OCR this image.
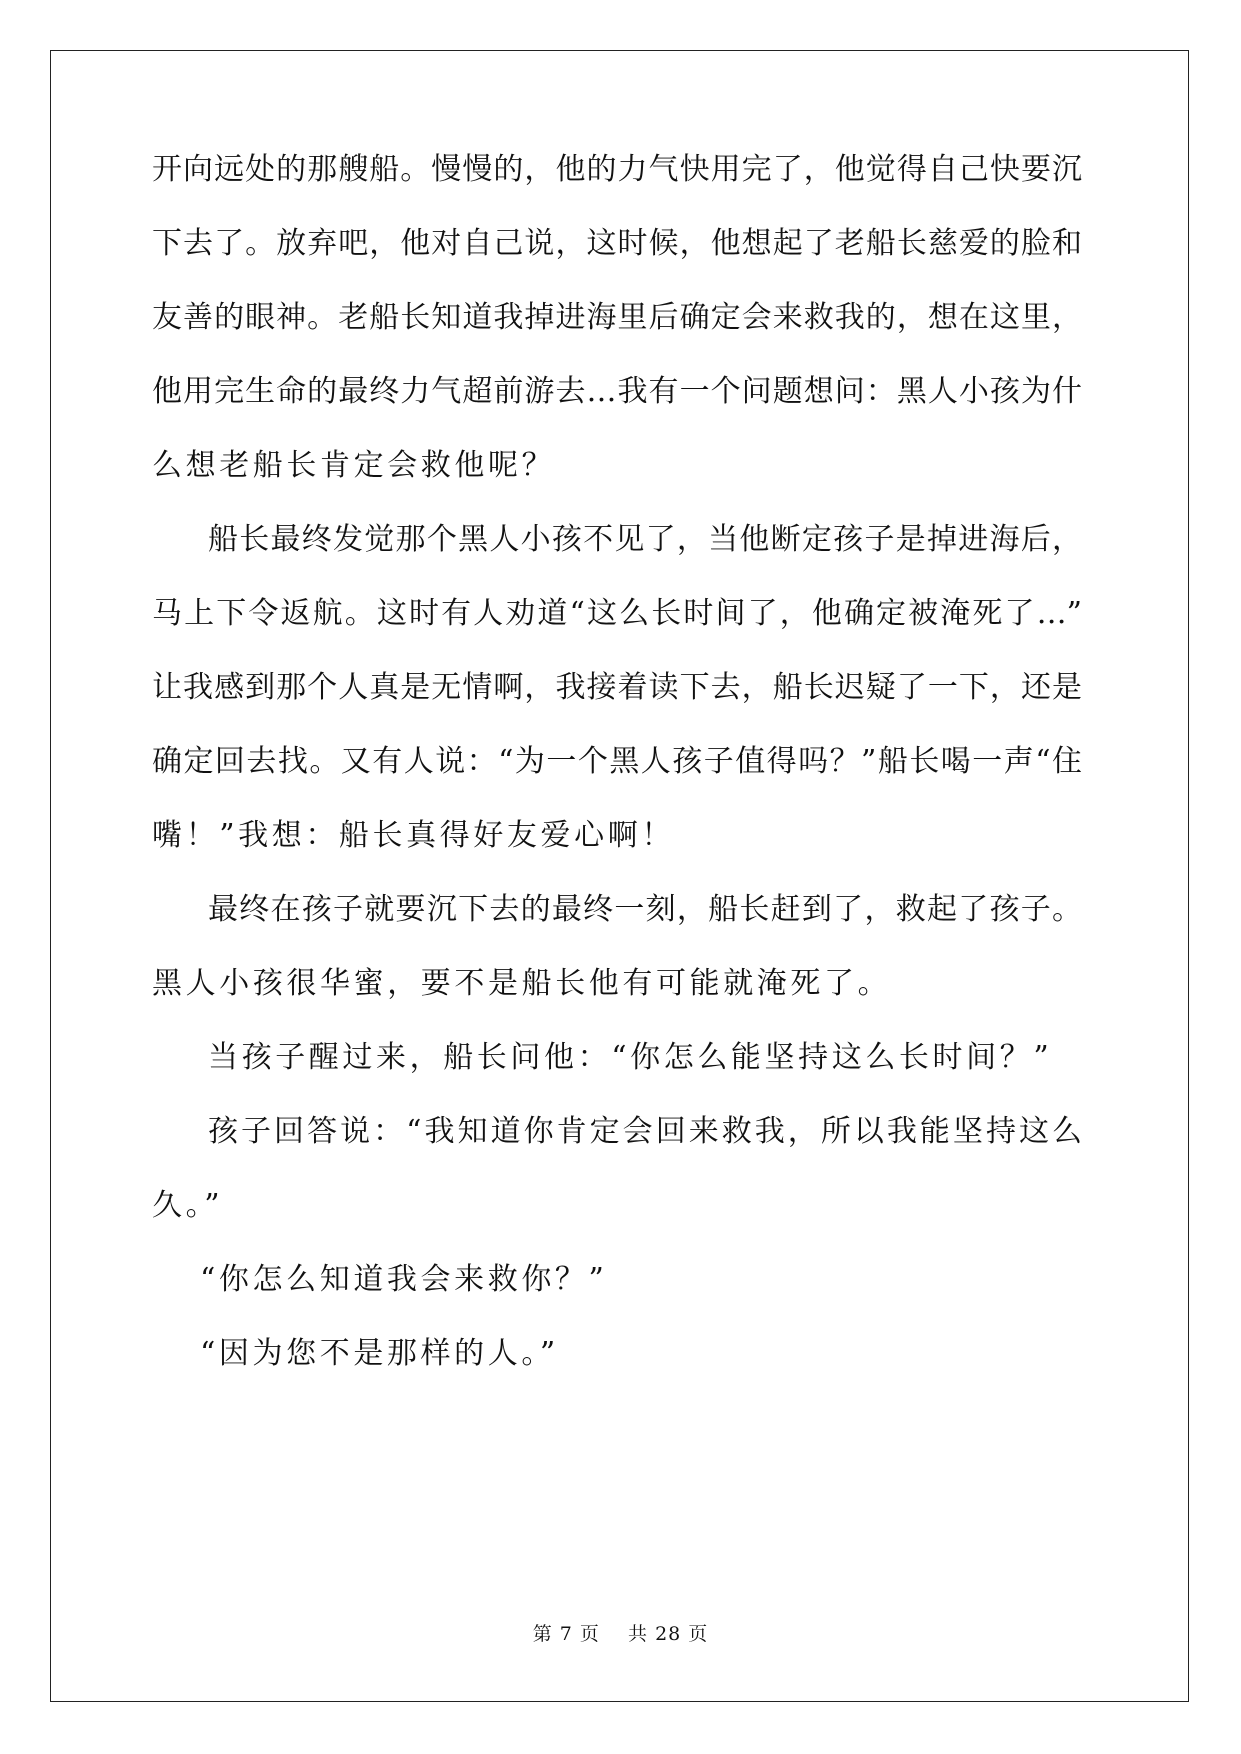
开向远处的那艘船。慢慢的，他的力气快用完了，他觉得自己快要沉
下去了。放弃吧，他对自己说，这时候，他想起了老船长慈爱的脸和
友善的眼神。老船长知道我掉进海里后确定会来救我的，想在这里，
他用完生命的最终力气超前游去…我有一个问题想问：黑人小孩为什
么想老船长肯定会救他呢？
船长最终发觉那个黑人小孩不见了，当他断定孩子是掉进海后，
马上下令返航。这时有人劝道“这么长时间了，他确定被淹死了…”
让我感到那个人真是无情啊，我接着读下去，船长迟疑了一下，还是
确定回去找。又有人说：“为一个黑人孩子值得吗？”船长喝一声“住
嘴！”我想：船长真得好友爱心啊！
最终在孩子就要沉下去的最终一刻，船长赶到了，救起了孩子。
黑人小孩很华蜜，要不是船长他有可能就淹死了。
当孩子醒过来，船长问他：“你怎么能坚持这么长时间？”
孩子回答说：“我知道你肯定会回来救我，所以我能坚持这么
久。”
“你怎么知道我会来救你？”
“因为您不是那样的人。”
第 7 页 共 28 页
